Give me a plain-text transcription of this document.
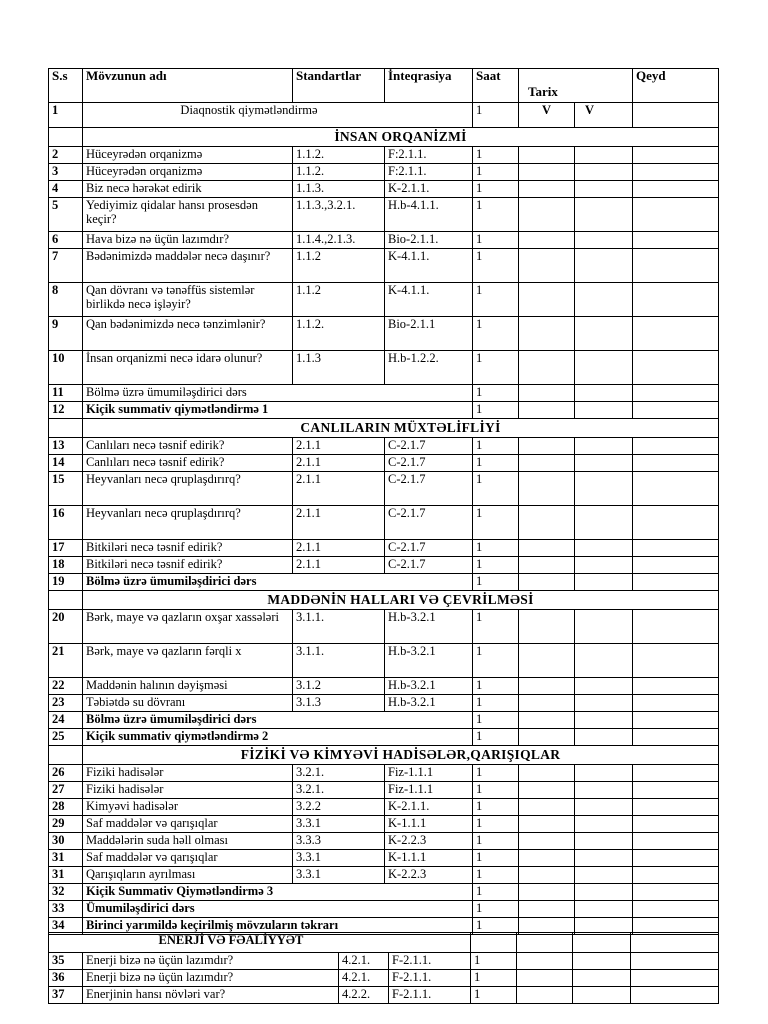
S.s	Mövzunun adı	Standartlar	İnteqrasiya	Saat	Tarix		Qeyd
1	Diaqnostik qiymətləndirmə			1	V	V	
	İNSAN ORQANİZMİ						
2	Hüceyrədən orqanizmə	1.1.2.	F:2.1.1.	1			
3	Hüceyrədən orqanizmə	1.1.2.	F:2.1.1.	1			
4	Biz necə hərəkət edirik	1.1.3.	K-2.1.1.	1			
5	Yediyimiz qidalar hansı prosesdən keçir?	1.1.3.,3.2.1.	H.b-4.1.1.	1			
6	Hava bizə nə üçün lazımdır?	1.1.4.,2.1.3.	Bio-2.1.1.	1			
7	Bədənimizdə maddələr necə daşınır?	1.1.2	K-4.1.1.	1			
8	Qan dövranı və tənəffüs sistemlər birlikdə necə işləyir?	1.1.2	K-4.1.1.	1			
9	Qan bədənimizdə necə tənzimlənir?	1.1.2.	Bio-2.1.1	1			
10	İnsan orqanizmi necə idarə olunur?	1.1.3	H.b-1.2.2.	1			
11	Bölmə üzrə ümumiləşdirici dərs			1			
12	Kiçik summativ qiymətləndirmə 1			1			
	CANLILARIN MÜXTƏLİFLİYİ						
13	Canlıları necə təsnif edirik?	2.1.1	C-2.1.7	1			
14	Canlıları necə təsnif edirik?	2.1.1	C-2.1.7	1			
15	Heyvanları necə qruplaşdırırq?	2.1.1	C-2.1.7	1			
16	Heyvanları necə qruplaşdırırq?	2.1.1	C-2.1.7	1			
17	Bitkiləri necə təsnif edirik?	2.1.1	C-2.1.7	1			
18	Bitkiləri necə təsnif edirik?	2.1.1	C-2.1.7	1			
19	Bölmə üzrə ümumiləşdirici dərs			1			
	MADDƏNİN HALLARI VƏ ÇEVRİLMƏSİ						
20	Bərk, maye və qazların oxşar xassələri	3.1.1.	H.b-3.2.1	1			
21	Bərk, maye və qazların fərqli x	3.1.1.	H.b-3.2.1	1			
22	Maddənin halının dəyişməsi	3.1.2	H.b-3.2.1	1			
23	Təbiətdə su dövranı	3.1.3	H.b-3.2.1	1			
24	Bölmə üzrə ümumiləşdirici dərs			1			
25	Kiçik summativ qiymətləndirmə 2			1			
	FİZİKİ VƏ KİMYƏVİ HADİSƏLƏR,QARIŞIQLAR						
26	Fiziki hadisələr	3.2.1.	Fiz-1.1.1	1			
27	Fiziki hadisələr	3.2.1.	Fiz-1.1.1	1			
28	Kimyəvi hadisələr	3.2.2	K-2.1.1.	1			
29	Saf maddələr və qarışıqlar	3.3.1	K-1.1.1	1			
30	Maddələrin suda həll olması	3.3.3	K-2.2.3	1			
31	Saf maddələr və qarışıqlar	3.3.1	K-1.1.1	1			
31	Qarışıqların ayrılması	3.3.1	K-2.2.3	1			
32	Kiçik Summativ Qiymətləndirmə 3			1			
33	Ümumiləşdirici dərs			1			
34	Birinci yarımildə keçirilmiş mövzuların təkrarı			1			
	ENERJİ VƏ FƏALİYYƏT						
35	Enerji bizə nə üçün lazımdır?	4.2.1.	F-2.1.1.	1			
36	Enerji bizə nə üçün lazımdır?	4.2.1.	F-2.1.1.	1			
37	Enerjinin hansı növləri var?	4.2.2.	F-2.1.1.	1			
